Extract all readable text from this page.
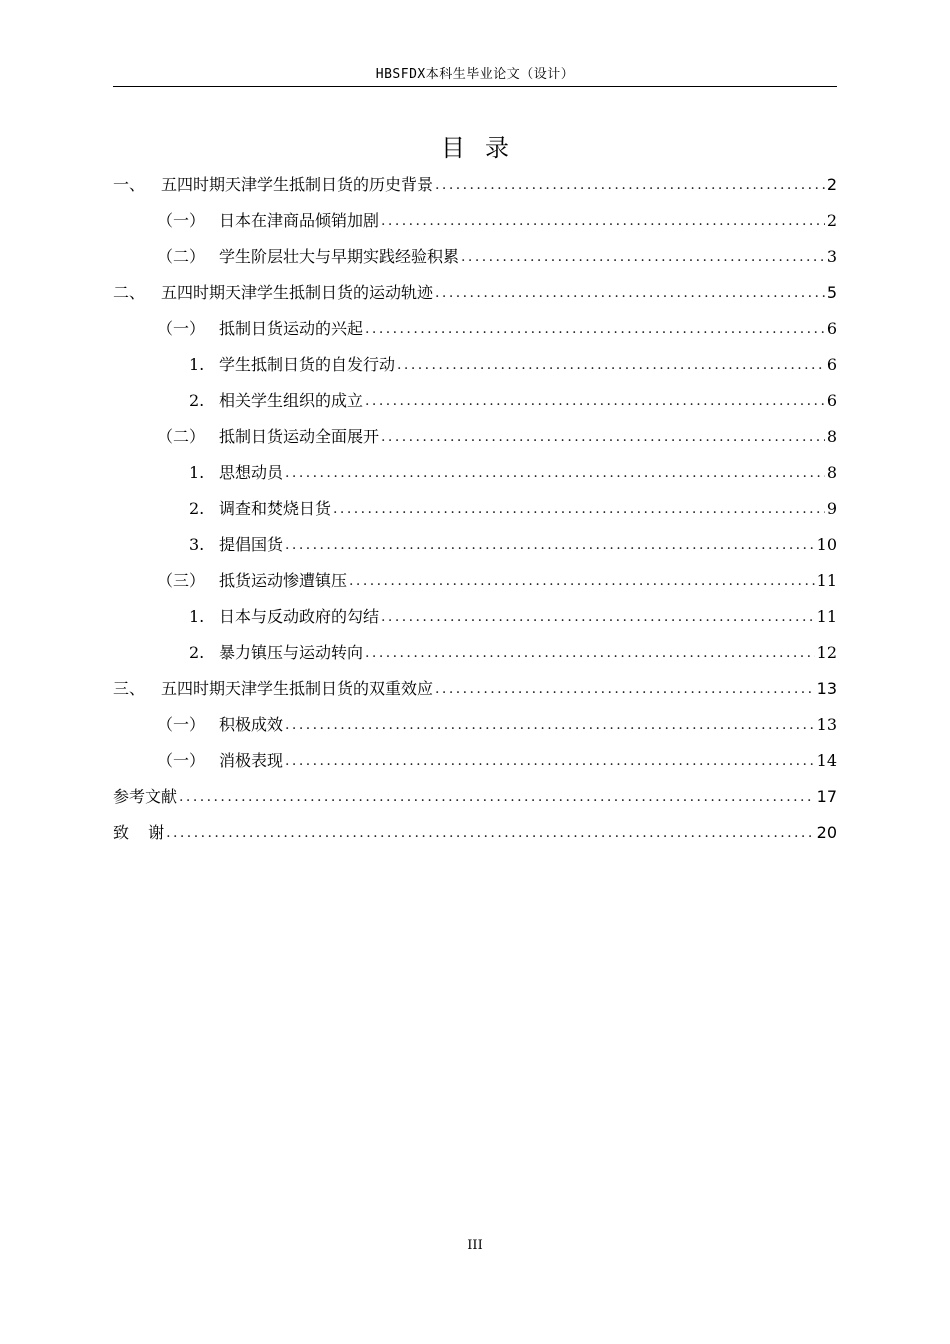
HBSFDX本科生毕业论文（设计）
目录
一、 五四时期天津学生抵制日货的历史背景 . . .	2
（一） 日本在津商品倾销加剧 . . .	2
（二） 学生阶层壮大与早期实践经验积累 . . .	3
二、 五四时期天津学生抵制日货的运动轨迹 . . .	5
（一） 抵制日货运动的兴起 . . .	6
1. 学生抵制日货的自发行动 . . .	6
2. 相关学生组织的成立 . . .	6
（二） 抵制日货运动全面展开 . . .	8
1. 思想动员 . . .	8
2. 调查和焚烧日货 . . .	9
3. 提倡国货 . . .	10
（三） 抵货运动惨遭镇压 . . .	11
1. 日本与反动政府的勾结 . . .	11
2. 暴力镇压与运动转向 . . .	12
三、 五四时期天津学生抵制日货的双重效应 . . .	13
（一） 积极成效 . . .	13
（一） 消极表现 . . .	14
参考文献 . . .	17
致 谢 . . .	20
III
